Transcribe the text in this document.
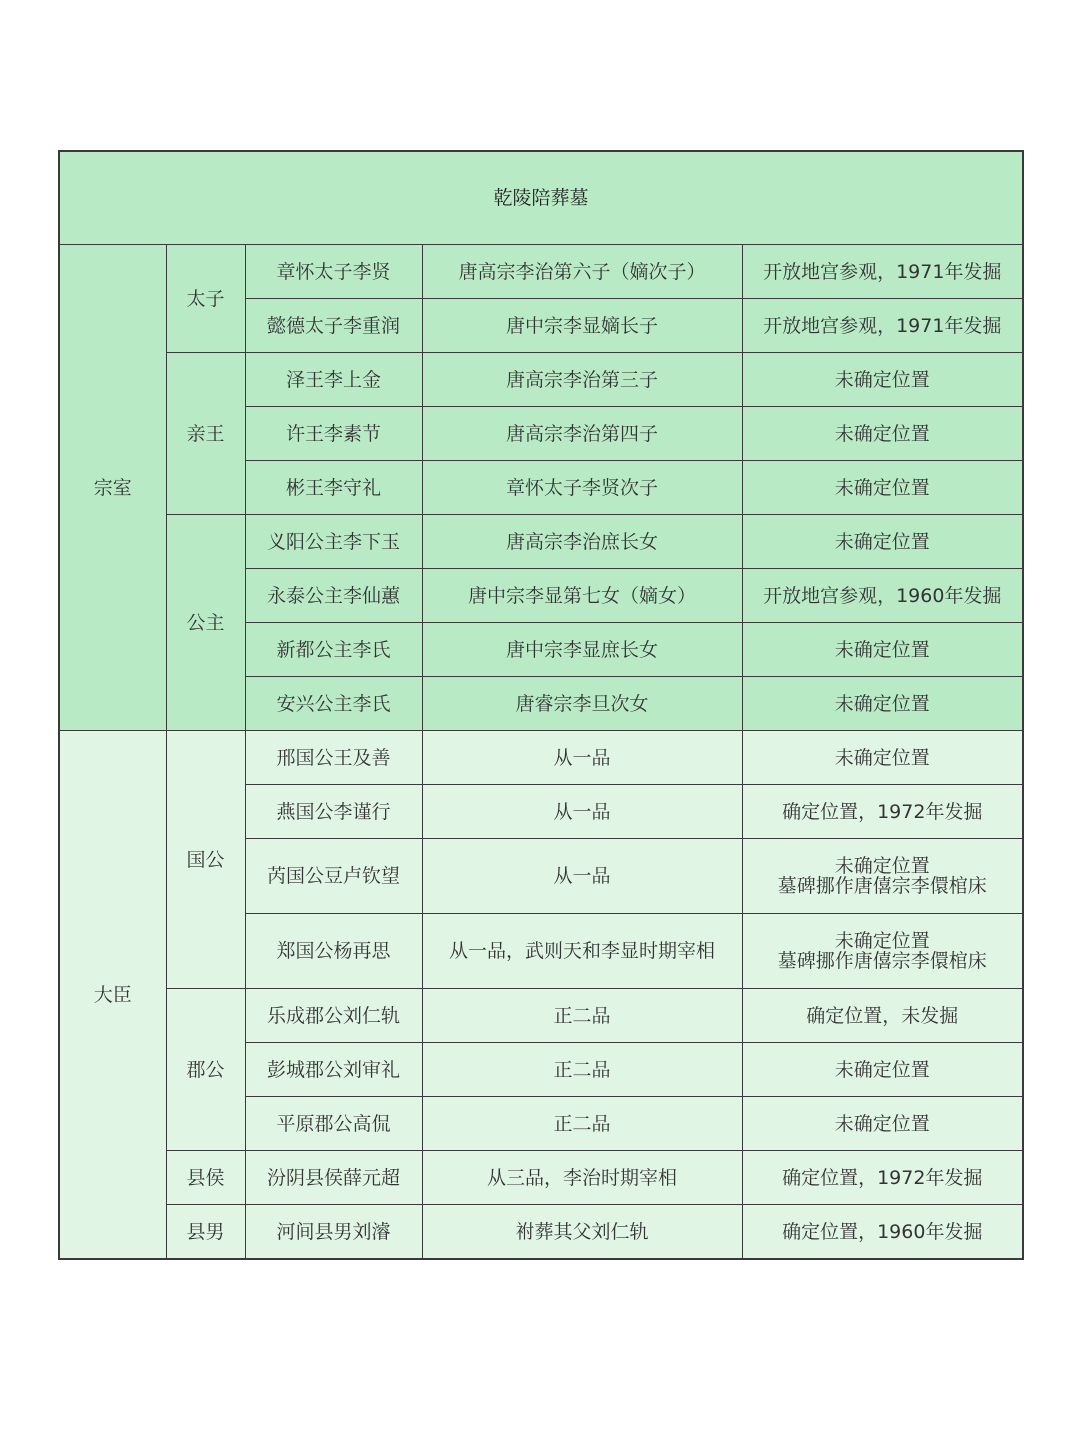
乾陵陪葬墓				
宗室	太子	章怀太子李贤	唐高宗李治第六子（嫡次子）	开放地宫参观，1971年发掘
		懿德太子李重润	唐中宗李显嫡长子	开放地宫参观，1971年发掘
	亲王	泽王李上金	唐高宗李治第三子	未确定位置
		许王李素节	唐高宗李治第四子	未确定位置
		彬王李守礼	章怀太子李贤次子	未确定位置
	公主	义阳公主李下玉	唐高宗李治庶长女	未确定位置
		永泰公主李仙蕙	唐中宗李显第七女（嫡女）	开放地宫参观，1960年发掘
		新都公主李氏	唐中宗李显庶长女	未确定位置
		安兴公主李氏	唐睿宗李旦次女	未确定位置
大臣	国公	邢国公王及善	从一品	未确定位置
		燕国公李谨行	从一品	确定位置，1972年发掘
		芮国公豆卢钦望	从一品	未确定位置
墓碑挪作唐僖宗李儇棺床

		郑国公杨再思	从一品，武则天和李显时期宰相	未确定位置
墓碑挪作唐僖宗李儇棺床

	郡公	乐成郡公刘仁轨	正二品	确定位置，未发掘
		彭城郡公刘审礼	正二品	未确定位置
		平原郡公高侃	正二品	未确定位置
	县侯	汾阴县侯薛元超	从三品，李治时期宰相	确定位置，1972年发掘
	县男	河间县男刘濬	祔葬其父刘仁轨	确定位置，1960年发掘
